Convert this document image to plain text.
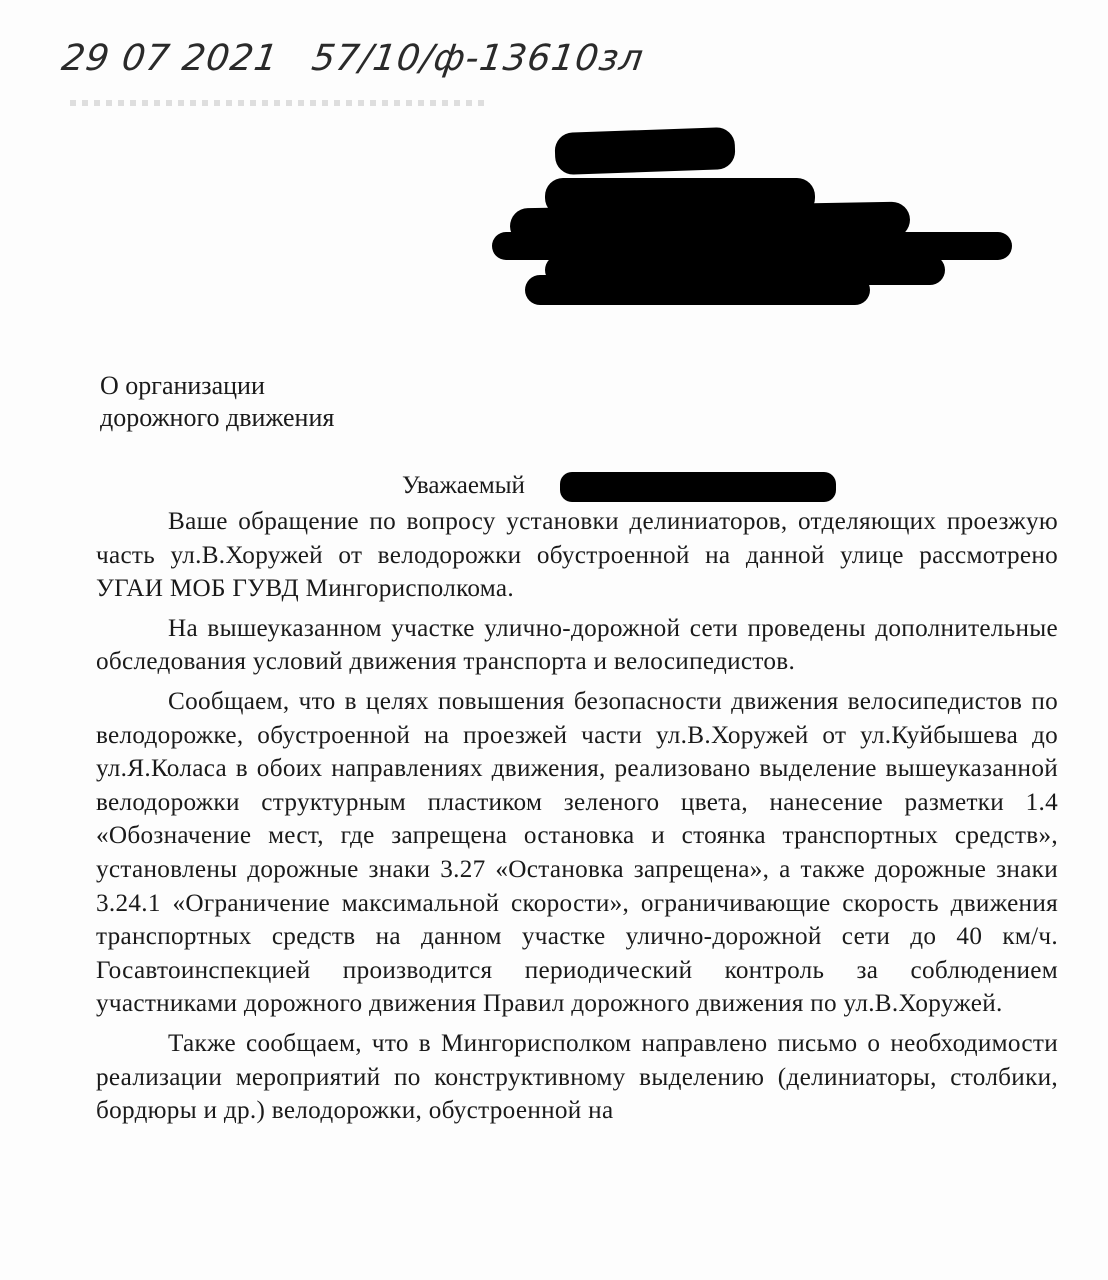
29 07 2021 57/10/ф-13610зл
О организации
дорожного движения
Уважаемый

Ваше обращение по вопросу установки делиниаторов, отделяющих проезжую часть ул.В.Хоружей от велодорожки обустроенной на данной улице рассмотрено УГАИ МОБ ГУВД Мингорисполкома.

На вышеуказанном участке улично-дорожной сети проведены дополнительные обследования условий движения транспорта и велосипедистов.

Сообщаем, что в целях повышения безопасности движения велосипедистов по велодорожке, обустроенной на проезжей части ул.В.Хоружей от ул.Куйбышева до ул.Я.Коласа в обоих направлениях движения, реализовано выделение вышеуказанной велодорожки структурным пластиком зеленого цвета, нанесение разметки 1.4 «Обозначение мест, где запрещена остановка и стоянка транспортных средств», установлены дорожные знаки 3.27 «Остановка запрещена», а также дорожные знаки 3.24.1 «Ограничение максимальной скорости», ограничивающие скорость движения транспортных средств на данном участке улично-дорожной сети до 40 км/ч. Госавтоинспекцией производится периодический контроль за соблюдением участниками дорожного движения Правил дорожного движения по ул.В.Хоружей.

Также сообщаем, что в Мингорисполком направлено письмо о необходимости реализации мероприятий по конструктивному выделению (делиниаторы, столбики, бордюры и др.) велодорожки, обустроенной на
